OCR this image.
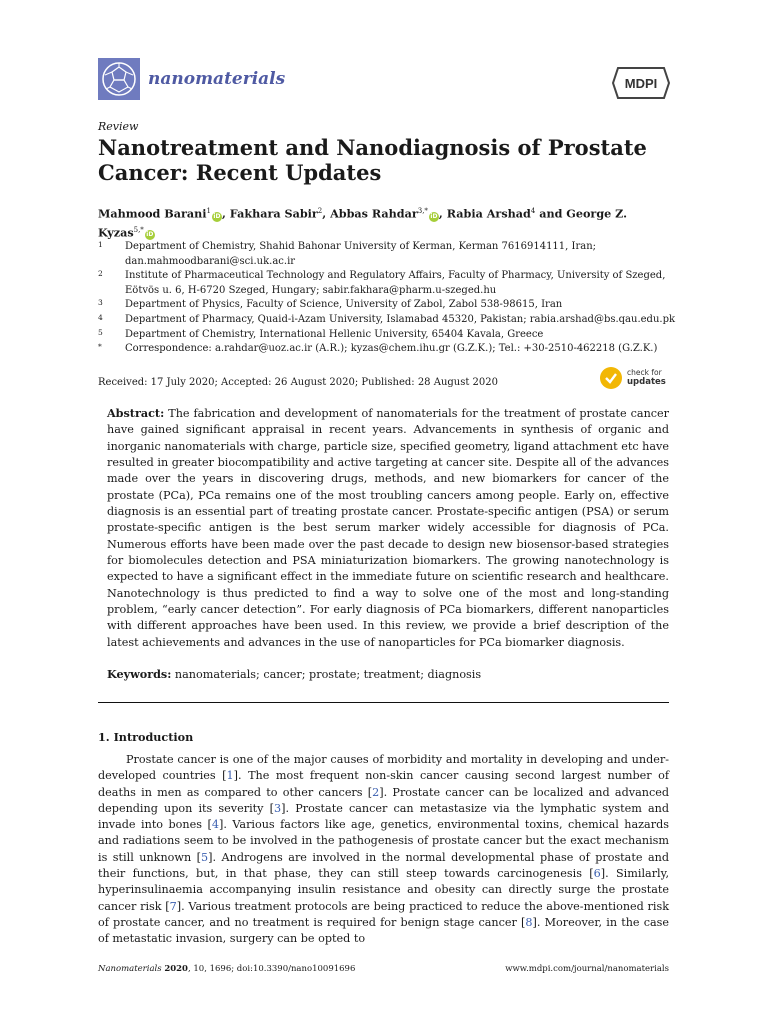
nanomaterials	MDPI
Review
Nanotreatment and Nanodiagnosis of Prostate Cancer: Recent Updates
Mahmood Barani$^1$iD, Fakhara Sabir$^2$, Abbas Rahdar$^{3,*}$iD, Rabia Arshad$^4$ and George Z. Kyzas$^{5,*}$iD
1	Department of Chemistry, Shahid Bahonar University of Kerman, Kerman 7616914111, Iran; dan.mahmoodbarani@sci.uk.ac.ir
2	Institute of Pharmaceutical Technology and Regulatory Affairs, Faculty of Pharmacy, University of Szeged, Eötvös u. 6, H-6720 Szeged, Hungary; sabir.fakhara@pharm.u-szeged.hu
3	Department of Physics, Faculty of Science, University of Zabol, Zabol 538-98615, Iran
4	Department of Pharmacy, Quaid-i-Azam University, Islamabad 45320, Pakistan; rabia.arshad@bs.qau.edu.pk
5	Department of Chemistry, International Hellenic University, 65404 Kavala, Greece
*	Correspondence: a.rahdar@uoz.ac.ir (A.R.); kyzas@chem.ihu.gr (G.Z.K.); Tel.: +30-2510-462218 (G.Z.K.)
Received: 17 July 2020; Accepted: 26 August 2020; Published: 28 August 2020
check for
updates

Abstract: The fabrication and development of nanomaterials for the treatment of prostate cancer have gained significant appraisal in recent years. Advancements in synthesis of organic and inorganic nanomaterials with charge, particle size, specified geometry, ligand attachment etc have resulted in greater biocompatibility and active targeting at cancer site. Despite all of the advances made over the years in discovering drugs, methods, and new biomarkers for cancer of the prostate (PCa), PCa remains one of the most troubling cancers among people. Early on, effective diagnosis is an essential part of treating prostate cancer. Prostate-specific antigen (PSA) or serum prostate-specific antigen is the best serum marker widely accessible for diagnosis of PCa. Numerous efforts have been made over the past decade to design new biosensor-based strategies for biomolecules detection and PSA miniaturization biomarkers. The growing nanotechnology is expected to have a significant effect in the immediate future on scientific research and healthcare. Nanotechnology is thus predicted to find a way to solve one of the most and long-standing problem, “early cancer detection”. For early diagnosis of PCa biomarkers, different nanoparticles with different approaches have been used. In this review, we provide a brief description of the latest achievements and advances in the use of nanoparticles for PCa biomarker diagnosis.

Keywords: nanomaterials; cancer; prostate; treatment; diagnosis

1. Introduction

Prostate cancer is one of the major causes of morbidity and mortality in developing and under-developed countries [1]. The most frequent non-skin cancer causing second largest number of deaths in men as compared to other cancers [2]. Prostate cancer can be localized and advanced depending upon its severity [3]. Prostate cancer can metastasize via the lymphatic system and invade into bones [4]. Various factors like age, genetics, environmental toxins, chemical hazards and radiations seem to be involved in the pathogenesis of prostate cancer but the exact mechanism is still unknown [5]. Androgens are involved in the normal developmental phase of prostate and their functions, but, in that phase, they can still steep towards carcinogenesis [6]. Similarly, hyperinsulinaemia accompanying insulin resistance and obesity can directly surge the prostate cancer risk [7]. Various treatment protocols are being practiced to reduce the above-mentioned risk of prostate cancer, and no treatment is required for benign stage cancer [8]. Moreover, in the case of metastatic invasion, surgery can be opted to

Nanomaterials 2020, 10, 1696; doi:10.3390/nano10091696	www.mdpi.com/journal/nanomaterials
